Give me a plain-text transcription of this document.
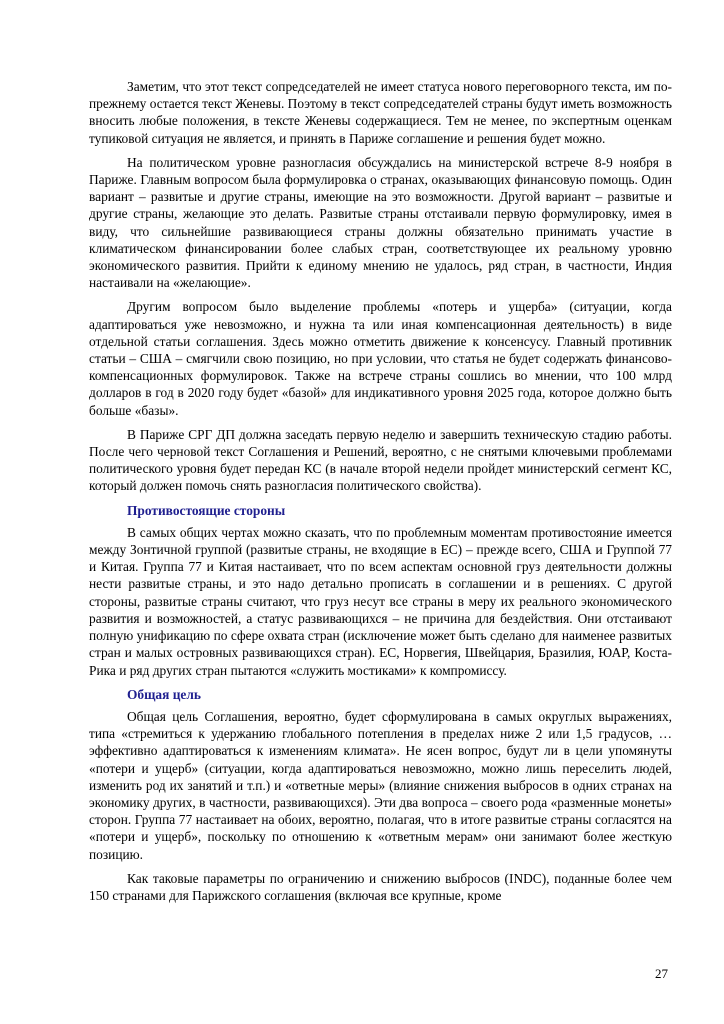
Заметим, что этот текст сопредседателей не имеет статуса нового переговорного текста, им по-прежнему остается текст Женевы. Поэтому в текст сопредседателей страны будут иметь возможность вносить любые положения, в тексте Женевы содержащиеся. Тем не менее, по экспертным оценкам тупиковой ситуация не является, и принять в Париже соглашение и решения будет можно.

На политическом уровне разногласия обсуждались на министерской встрече 8-9 ноября в Париже. Главным вопросом была формулировка о странах, оказывающих финансовую помощь. Один вариант – развитые и другие страны, имеющие на это возможности. Другой вариант – развитые и другие страны, желающие это делать. Развитые страны отстаивали первую формулировку, имея в виду, что сильнейшие развивающиеся страны должны обязательно принимать участие в климатическом финансировании более слабых стран, соответствующее их реальному уровню экономического развития. Прийти к единому мнению не удалось, ряд стран, в частности, Индия настаивали на «желающие».

Другим вопросом было выделение проблемы «потерь и ущерба» (ситуации, когда адаптироваться уже невозможно, и нужна та или иная компенсационная деятельность) в виде отдельной статьи соглашения. Здесь можно отметить движение к консенсусу. Главный противник статьи – США – смягчили свою позицию, но при условии, что статья не будет содержать финансово-компенсационных формулировок. Также на встрече страны сошлись во мнении, что 100 млрд долларов в год в 2020 году будет «базой» для индикативного уровня 2025 года, которое должно быть больше «базы».

В Париже СРГ ДП должна заседать первую неделю и завершить техническую стадию работы. После чего черновой текст Соглашения и Решений, вероятно, с не снятыми ключевыми проблемами политического уровня будет передан КС (в начале второй недели пройдет министерский сегмент КС, который должен помочь снять разногласия политического свойства).

Противостоящие стороны

В самых общих чертах можно сказать, что по проблемным моментам противостояние имеется между Зонтичной группой (развитые страны, не входящие в ЕС) – прежде всего, США и Группой 77 и Китая. Группа 77 и Китая настаивает, что по всем аспектам основной груз деятельности должны нести развитые страны, и это надо детально прописать в соглашении и в решениях. С другой стороны, развитые страны считают, что груз несут все страны в меру их реального экономического развития и возможностей, а статус развивающихся – не причина для бездействия. Они отстаивают полную унификацию по сфере охвата стран (исключение может быть сделано для наименее развитых стран и малых островных развивающихся стран). ЕС, Норвегия, Швейцария, Бразилия, ЮАР, Коста-Рика и ряд других стран пытаются «служить мостиками» к компромиссу.

Общая цель

Общая цель Соглашения, вероятно, будет сформулирована в самых округлых выражениях, типа «стремиться к удержанию глобального потепления в пределах ниже 2 или 1,5 градусов, … эффективно адаптироваться к изменениям климата». Не ясен вопрос, будут ли в цели упомянуты «потери и ущерб» (ситуации, когда адаптироваться невозможно, можно лишь переселить людей, изменить род их занятий и т.п.) и «ответные меры» (влияние снижения выбросов в одних странах на экономику других, в частности, развивающихся). Эти два вопроса – своего рода «разменные монеты» сторон. Группа 77 настаивает на обоих, вероятно, полагая, что в итоге развитые страны согласятся на «потери и ущерб», поскольку по отношению к «ответным мерам» они занимают более жесткую позицию.

Как таковые параметры по ограничению и снижению выбросов (INDC), поданные более чем 150 странами для Парижского соглашения (включая все крупные, кроме

27
